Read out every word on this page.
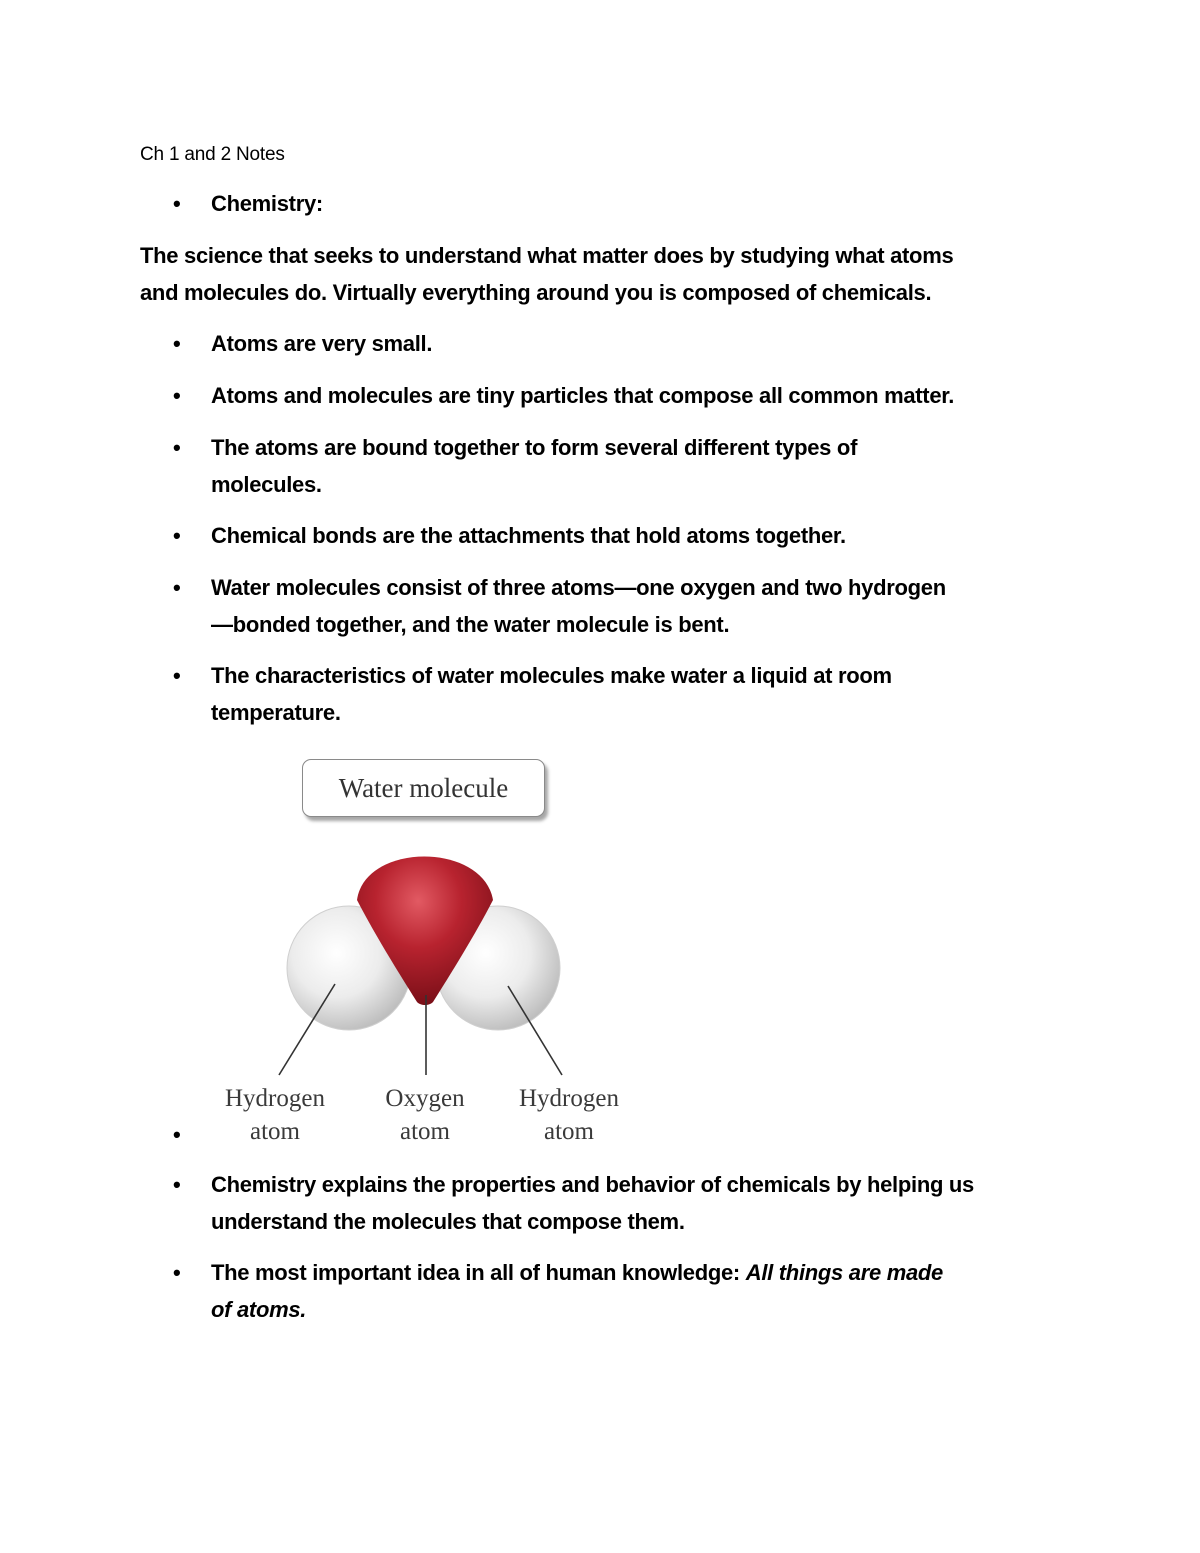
Ch 1 and 2 Notes
• Chemistry:
The science that seeks to understand what matter does by studying what atoms
and molecules do. Virtually everything around you is composed of chemicals.
• Atoms are very small.
• Atoms and molecules are tiny particles that compose all common matter.
• The atoms are bound together to form several different types of
molecules.
• Chemical bonds are the attachments that hold atoms together.
• Water molecules consist of three atoms—one oxygen and two hydrogen
—bonded together, and the water molecule is bent.
• The characteristics of water molecules make water a liquid at room
temperature.
Water molecule
Hydrogen
atom
Oxygen
atom
Hydrogen
atom
•
• Chemistry explains the properties and behavior of chemicals by helping us
understand the molecules that compose them.
• The most important idea in all of human knowledge: All things are made
of atoms.
